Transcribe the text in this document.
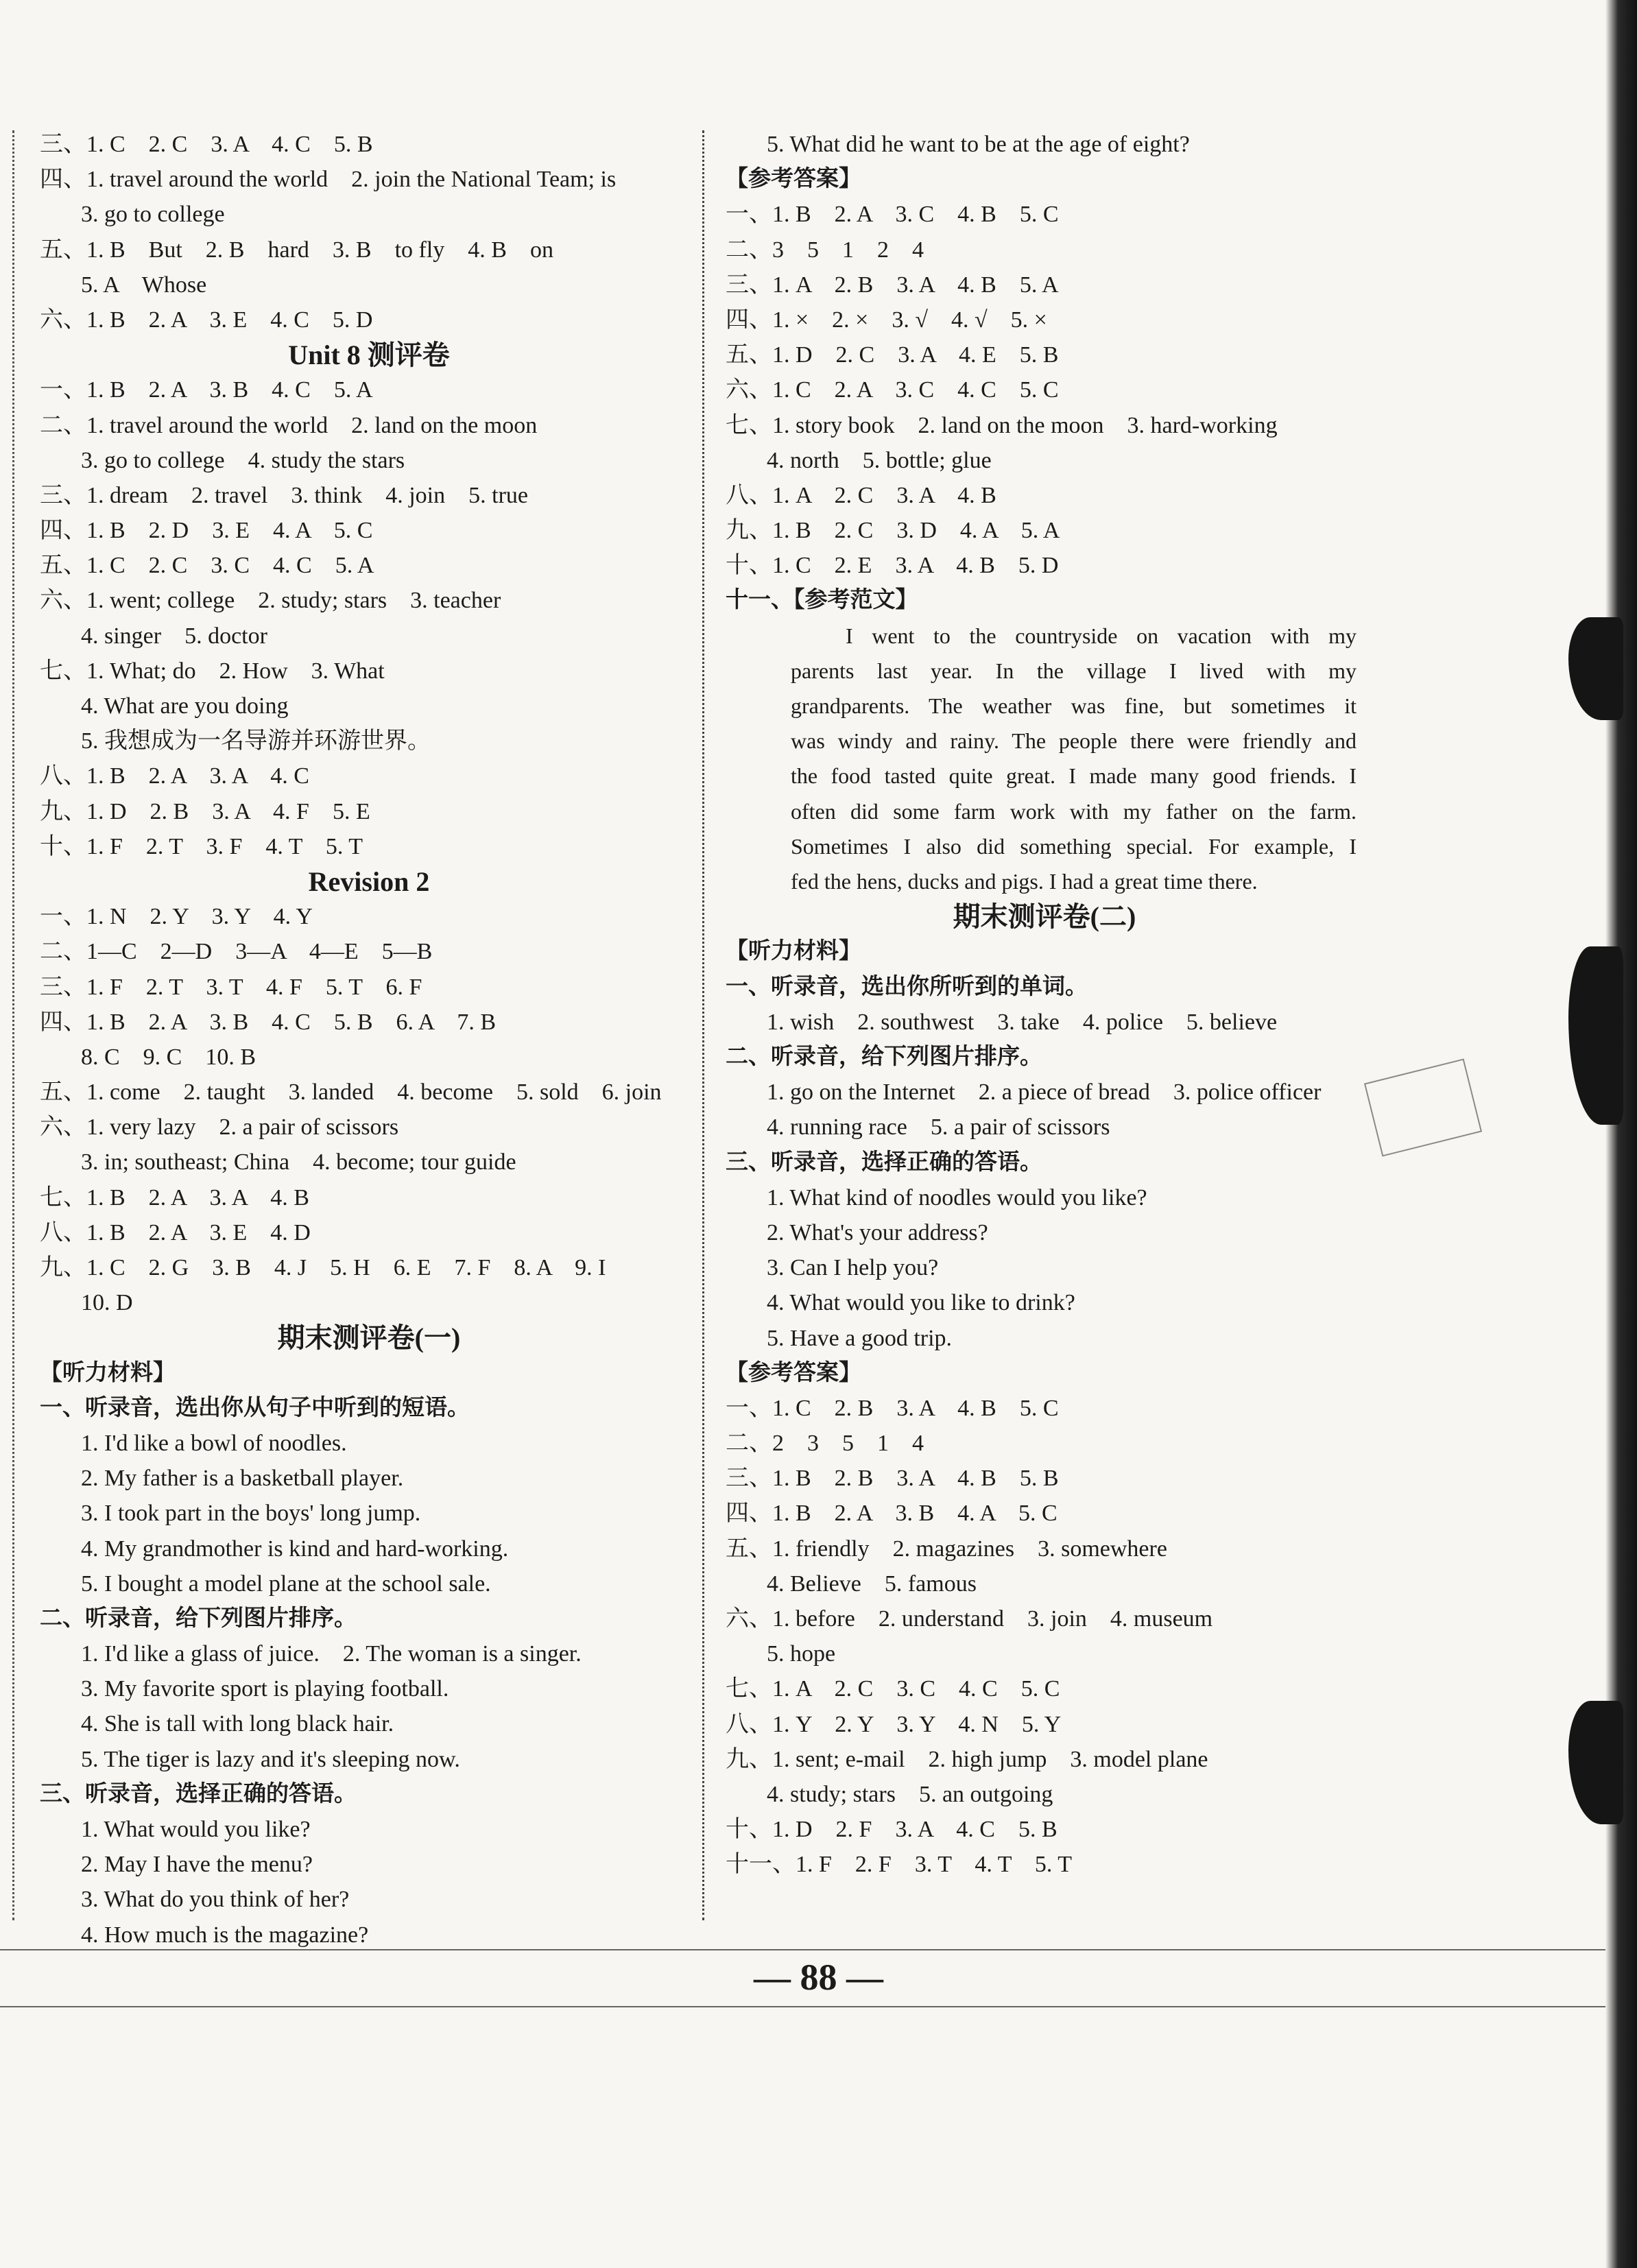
三、1. C　2. C　3. A　4. C　5. B
四、1. travel around the world　2. join the National Team; is
3. go to college
五、1. B　But　2. B　hard　3. B　to fly　4. B　on
5. A　Whose
六、1. B　2. A　3. E　4. C　5. D
Unit 8 测评卷
一、1. B　2. A　3. B　4. C　5. A
二、1. travel around the world　2. land on the moon
3. go to college　4. study the stars
三、1. dream　2. travel　3. think　4. join　5. true
四、1. B　2. D　3. E　4. A　5. C
五、1. C　2. C　3. C　4. C　5. A
六、1. went; college　2. study; stars　3. teacher
4. singer　5. doctor
七、1. What; do　2. How　3. What
4. What are you doing
5. 我想成为一名导游并环游世界。
八、1. B　2. A　3. A　4. C
九、1. D　2. B　3. A　4. F　5. E
十、1. F　2. T　3. F　4. T　5. T
Revision 2
一、1. N　2. Y　3. Y　4. Y
二、1—C　2—D　3—A　4—E　5—B
三、1. F　2. T　3. T　4. F　5. T　6. F
四、1. B　2. A　3. B　4. C　5. B　6. A　7. B
8. C　9. C　10. B
五、1. come　2. taught　3. landed　4. become　5. sold　6. join
六、1. very lazy　2. a pair of scissors
3. in; southeast; China　4. become; tour guide
七、1. B　2. A　3. A　4. B
八、1. B　2. A　3. E　4. D
九、1. C　2. G　3. B　4. J　5. H　6. E　7. F　8. A　9. I
10. D
期末测评卷(一)
【听力材料】
一、听录音，选出你从句子中听到的短语。
1. I'd like a bowl of noodles.
2. My father is a basketball player.
3. I took part in the boys' long jump.
4. My grandmother is kind and hard-working.
5. I bought a model plane at the school sale.
二、听录音，给下列图片排序。
1. I'd like a glass of juice.　2. The woman is a singer.
3. My favorite sport is playing football.
4. She is tall with long black hair.
5. The tiger is lazy and it's sleeping now.
三、听录音，选择正确的答语。
1. What would you like?
2. May I have the menu?
3. What do you think of her?
4. How much is the magazine?
5. What did he want to be at the age of eight?
【参考答案】
一、1. B　2. A　3. C　4. B　5. C
二、3　5　1　2　4
三、1. A　2. B　3. A　4. B　5. A
四、1. ×　2. ×　3. √　4. √　5. ×
五、1. D　2. C　3. A　4. E　5. B
六、1. C　2. A　3. C　4. C　5. C
七、1. story book　2. land on the moon　3. hard-working
4. north　5. bottle; glue
八、1. A　2. C　3. A　4. B
九、1. B　2. C　3. D　4. A　5. A
十、1. C　2. E　3. A　4. B　5. D
十一、【参考范文】
I went to the countryside on vacation with my
parents last year. In the village I lived with my
grandparents. The weather was fine, but sometimes it
was windy and rainy. The people there were friendly and
the food tasted quite great. I made many good friends. I
often did some farm work with my father on the farm.
Sometimes I also did something special. For example, I
fed the hens, ducks and pigs. I had a great time there.
期末测评卷(二)
【听力材料】
一、听录音，选出你所听到的单词。
1. wish　2. southwest　3. take　4. police　5. believe
二、听录音，给下列图片排序。
1. go on the Internet　2. a piece of bread　3. police officer
4. running race　5. a pair of scissors
三、听录音，选择正确的答语。
1. What kind of noodles would you like?
2. What's your address?
3. Can I help you?
4. What would you like to drink?
5. Have a good trip.
【参考答案】
一、1. C　2. B　3. A　4. B　5. C
二、2　3　5　1　4
三、1. B　2. B　3. A　4. B　5. B
四、1. B　2. A　3. B　4. A　5. C
五、1. friendly　2. magazines　3. somewhere
4. Believe　5. famous
六、1. before　2. understand　3. join　4. museum
5. hope
七、1. A　2. C　3. C　4. C　5. C
八、1. Y　2. Y　3. Y　4. N　5. Y
九、1. sent; e-mail　2. high jump　3. model plane
4. study; stars　5. an outgoing
十、1. D　2. F　3. A　4. C　5. B
十一、1. F　2. F　3. T　4. T　5. T
— 88 —
